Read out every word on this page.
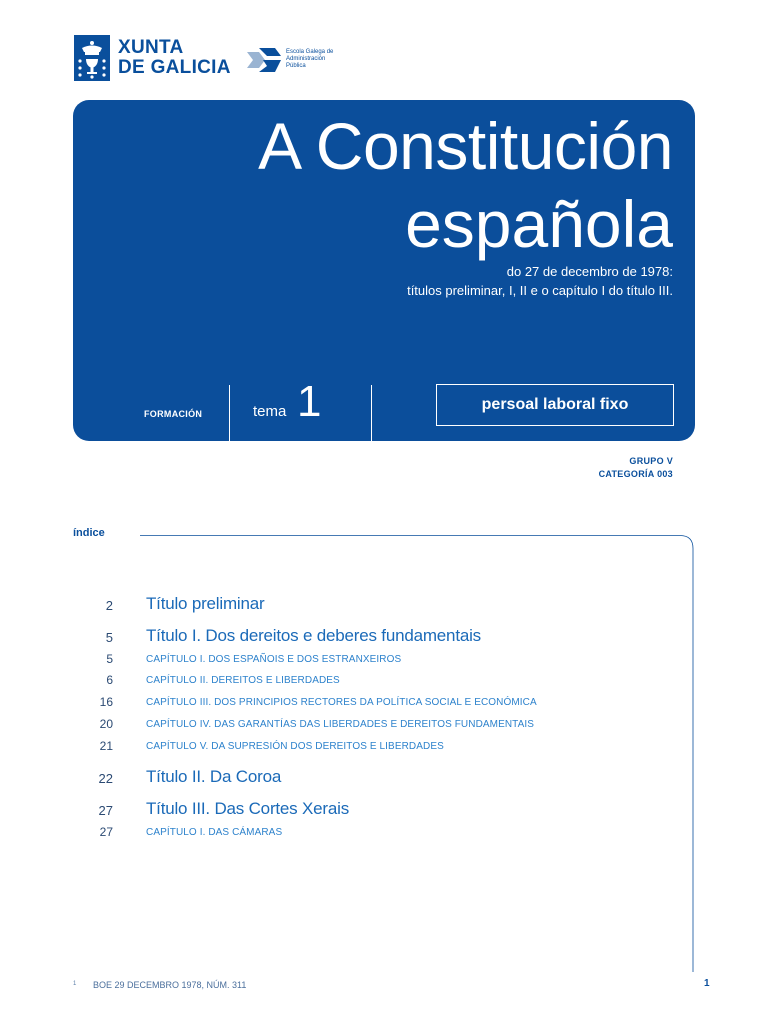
XUNTA
DE GALICIA
Escola Galega de
Administración
Pública
A Constitución
española
do 27 de decembro de 1978:
títulos preliminar, I, II e o capítulo I do título III.
FORMACIÓN	tema 1	persoal laboral fixo
GRUPO V
CATEGORÍA 003
índice
2 Título preliminar
5 Título I. Dos dereitos e deberes fundamentais
5	CAPÍTULO I. DOS ESPAÑOIS E DOS ESTRANXEIROS
6	CAPÍTULO II. DEREITOS E LIBERDADES
16	CAPÍTULO III. DOS PRINCIPIOS RECTORES DA POLÍTICA SOCIAL E ECONÓMICA
20	CAPÍTULO IV. DAS GARANTÍAS DAS LIBERDADES E DEREITOS FUNDAMENTAIS
21	CAPÍTULO V. DA SUPRESIÓN DOS DEREITOS E LIBERDADES
22 Título II. Da Coroa
27 Título III. Das Cortes Xerais
27	CAPÍTULO I. DAS CÁMARAS
1 BOE 29 DECEMBRO 1978, NÚM. 311	1
